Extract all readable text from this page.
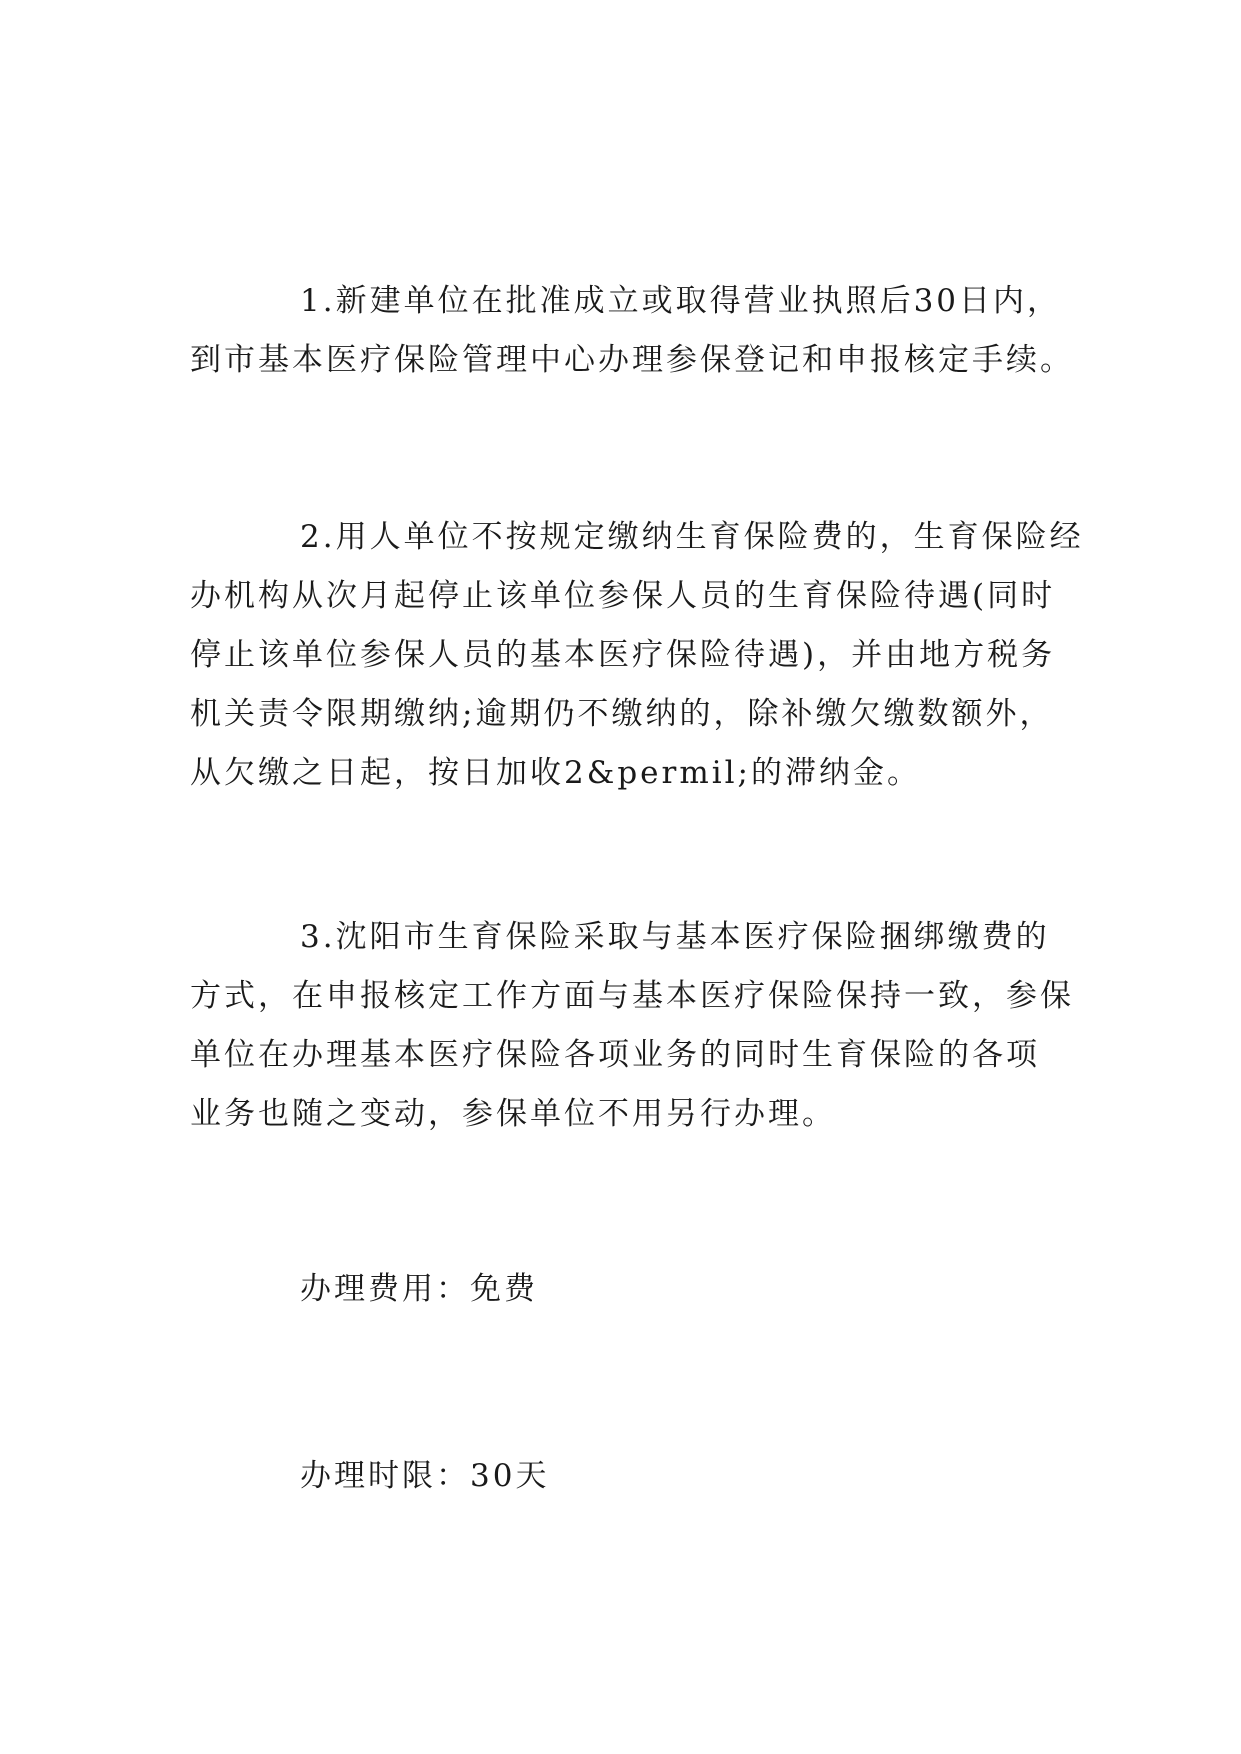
1.新建单位在批准成立或取得营业执照后30日内，
到市基本医疗保险管理中心办理参保登记和申报核定手续。

2.用人单位不按规定缴纳生育保险费的，生育保险经
办机构从次月起停止该单位参保人员的生育保险待遇(同时
停止该单位参保人员的基本医疗保险待遇)，并由地方税务
机关责令限期缴纳;逾期仍不缴纳的，除补缴欠缴数额外，
从欠缴之日起，按日加收2&permil;的滞纳金。

3.沈阳市生育保险采取与基本医疗保险捆绑缴费的
方式，在申报核定工作方面与基本医疗保险保持一致，参保
单位在办理基本医疗保险各项业务的同时生育保险的各项
业务也随之变动，参保单位不用另行办理。

办理费用：免费

办理时限：30天
